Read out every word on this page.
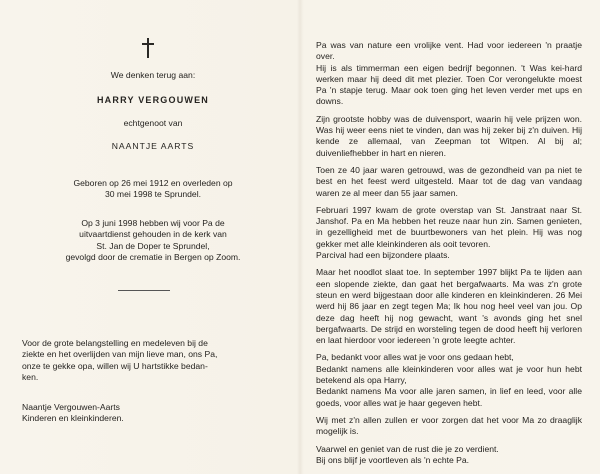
We denken terug aan:
HARRY VERGOUWEN
echtgenoot van
NAANTJE AARTS
Geboren op 26 mei 1912 en overleden op
30 mei 1998 te Sprundel.
Op 3 juni 1998 hebben wij voor Pa de
uitvaartdienst gehouden in de kerk van
St. Jan de Doper te Sprundel,
gevolgd door de crematie in Bergen op Zoom.
Voor de grote belangstelling en medeleven bij de
ziekte en het overlijden van mijn lieve man, ons Pa,
onze te gekke opa, willen wij U hartstikke bedan-
ken.
Naantje Vergouwen-Aarts
Kinderen en kleinkinderen.

Pa was van nature een vrolijke vent. Had voor iedereen 'n praatje over.
Hij is als timmerman een eigen bedrijf begonnen. 't Was kei-hard werken maar hij deed dit met plezier. Toen Cor verongelukte moest Pa 'n stapje terug. Maar ook toen ging het leven verder met ups en downs.

Zijn grootste hobby was de duivensport, waarin hij vele prijzen won. Was hij weer eens niet te vinden, dan was hij zeker bij z'n duiven. Hij kende ze allemaal, van Zeepman tot Witpen. Al bij al; duivenliefhebber in hart en nieren.

Toen ze 40 jaar waren getrouwd, was de gezondheid van pa niet te best en het feest werd uitgesteld. Maar tot de dag van vandaag waren ze al meer dan 55 jaar samen.

Februari 1997 kwam de grote overstap van St. Janstraat naar St. Janshof. Pa en Ma hebben het reuze naar hun zin. Samen genieten, in gezelligheid met de buurtbewoners van het plein. Hij was nog gekker met alle kleinkinderen als ooit tevoren.
Parcival had een bijzondere plaats.

Maar het noodlot slaat toe. In september 1997 blijkt Pa te lijden aan een slopende ziekte, dan gaat het bergafwaarts. Ma was z'n grote steun en werd bijgestaan door alle kinderen en kleinkinderen. 26 Mei werd hij 86 jaar en zegt tegen Ma; Ik hou nog heel veel van jou. Op deze dag heeft hij nog gewacht, want 's avonds ging het snel bergafwaarts. De strijd en worsteling tegen de dood heeft hij verloren en laat hierdoor voor iedereen 'n grote leegte achter.

Pa, bedankt voor alles wat je voor ons gedaan hebt,
Bedankt namens alle kleinkinderen voor alles wat je voor hun hebt betekend als opa Harry,
Bedankt namens Ma voor alle jaren samen, in lief en leed, voor alle goeds, voor alles wat je haar gegeven hebt.

Wij met z'n allen zullen er voor zorgen dat het voor Ma zo draaglijk mogelijk is.

Vaarwel en geniet van de rust die je zo verdient.
Bij ons blijf je voortleven als 'n echte Pa.
